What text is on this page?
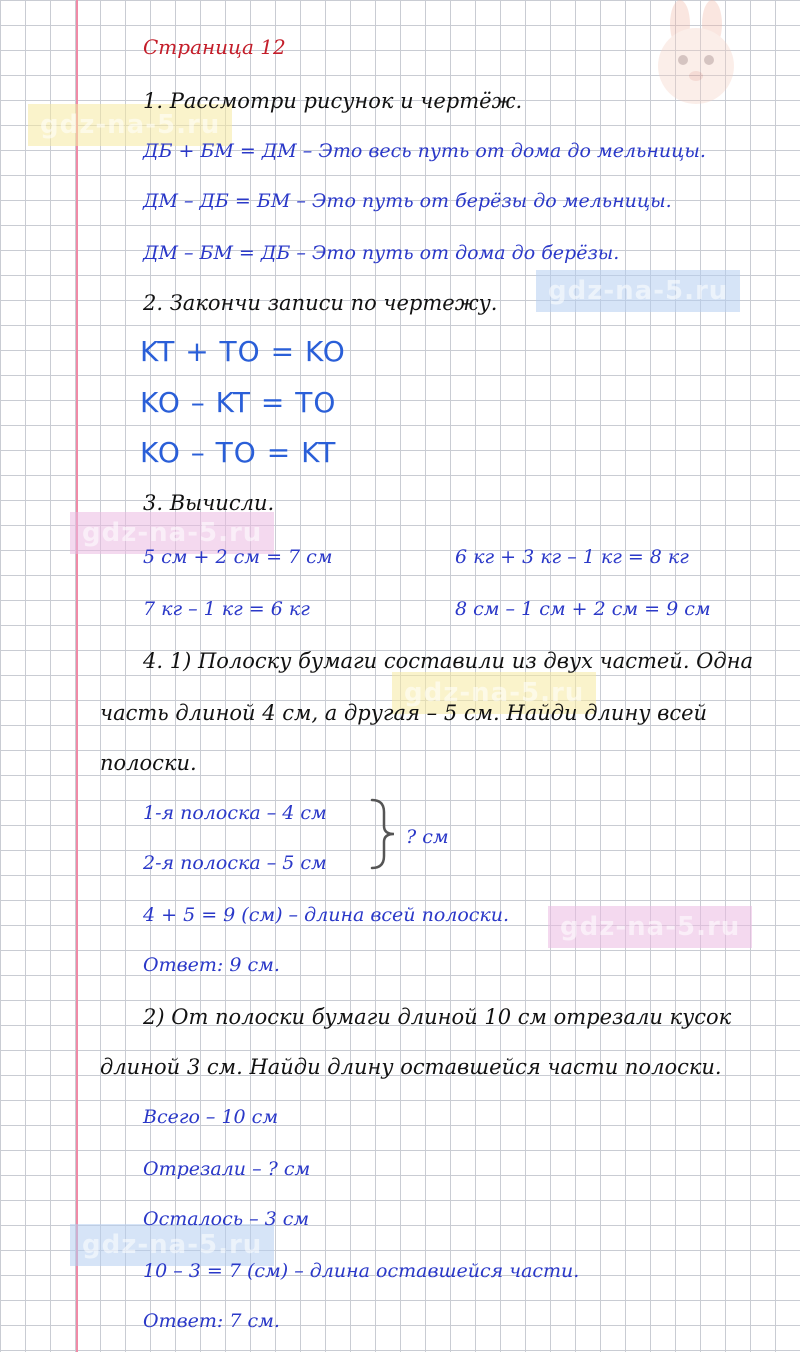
gdz-na-5.ru
gdz-na-5.ru
gdz-na-5.ru
gdz-na-5.ru
gdz-na-5.ru
gdz-na-5.ru
Страница 12
1. Рассмотри рисунок и чертёж.
ДБ + БМ = ДМ – Это весь путь от дома до мельницы.
ДМ – ДБ = БМ – Это путь от берёзы до мельницы.
ДМ – БМ = ДБ – Это путь от дома до берёзы.
2. Закончи записи по чертежу.
KT + TO = KO
KO – KT = TO
KO – TO = KT
3. Вычисли.
5 см + 2 см = 7 см	6 кг + 3 кг – 1 кг = 8 кг
7 кг – 1 кг = 6 кг	8 см – 1 см + 2 см = 9 см
4. 1) Полоску бумаги составили из двух частей. Одна
часть длиной 4 см, а другая – 5 см. Найди длину всей
полоски.
1-я полоска – 4 см
2-я полоска – 5 см
? см
4 + 5 = 9 (см) – длина всей полоски.
Ответ: 9 см.
2) От полоски бумаги длиной 10 см отрезали кусок
длиной 3 см. Найди длину оставшейся части полоски.
Всего – 10 см
Отрезали – ? см
Осталось – 3 см
10 – 3 = 7 (см) – длина оставшейся части.
Ответ: 7 см.
